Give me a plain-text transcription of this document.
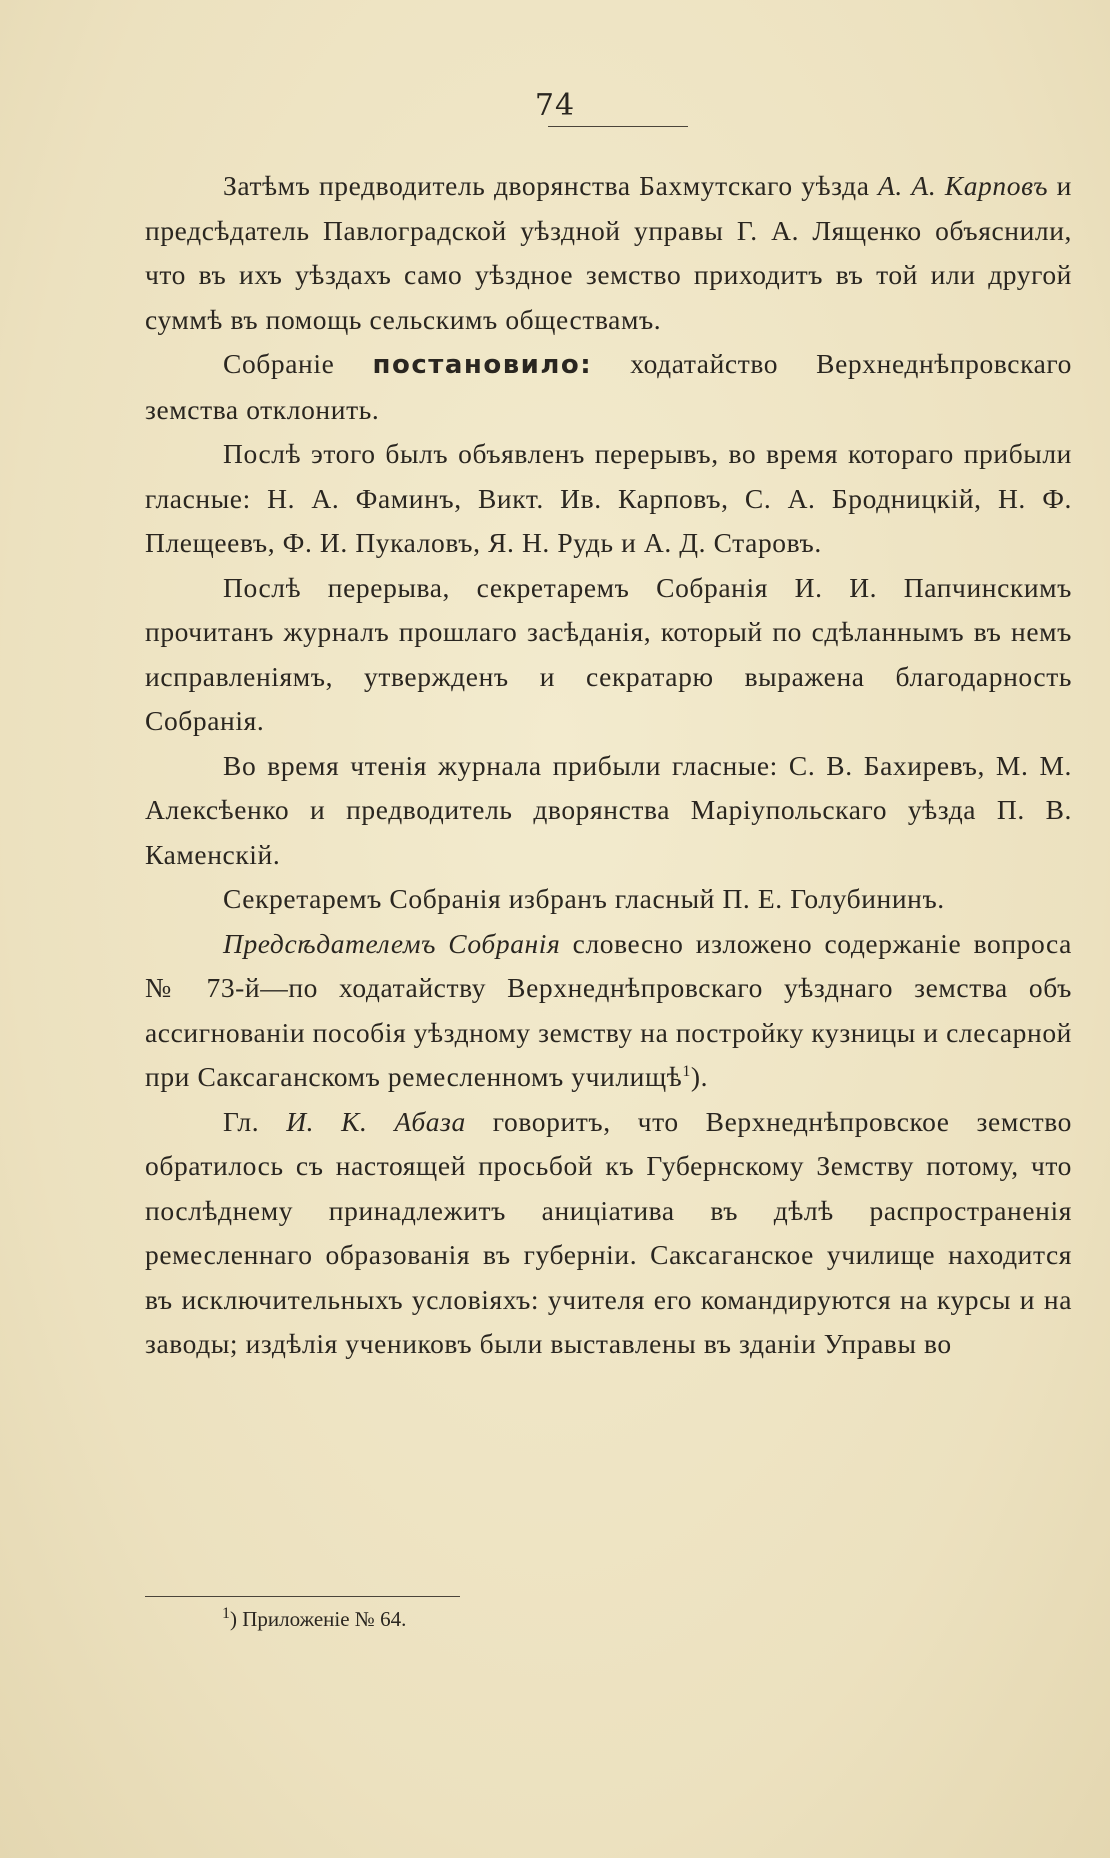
74

Затѣмъ предводитель дворянства Бахмутскаго уѣзда А. А. Карповъ и предсѣдатель Павлоградской уѣздной управы Г. А. Лященко объяснили, что въ ихъ уѣздахъ само уѣздное земство приходитъ въ той или другой суммѣ въ помощь сельскимъ обществамъ.

Собраніе постановило: ходатайство Верхнеднѣпровскаго земства отклонить.

Послѣ этого былъ объявленъ перерывъ, во время котораго прибыли гласные: Н. А. Фаминъ, Викт. Ив. Карповъ, С. А. Бродницкій, Н. Ф. Плещеевъ, Ф. И. Пукаловъ, Я. Н. Рудь и А. Д. Старовъ.

Послѣ перерыва, секретаремъ Собранія И. И. Папчинскимъ прочитанъ журналъ прошлаго засѣданія, который по сдѣланнымъ въ немъ исправленіямъ, утвержденъ и секратарю выражена благодарность Собранія.

Во время чтенія журнала прибыли гласные: С. В. Бахиревъ, М. М. Алексѣенко и предводитель дворянства Маріупольскаго уѣзда П. В. Каменскій.

Секретаремъ Собранія избранъ гласный П. Е. Голубининъ.

Предсѣдателемъ Собранія словесно изложено содержаніе вопроса № 73-й—по ходатайству Верхнеднѣпровскаго уѣзднаго земства объ ассигнованіи пособія уѣздному земству на постройку кузницы и слесарной при Саксаганскомъ ремесленномъ училищѣ$^1$).

Гл. И. К. Абаза говоритъ, что Верхнеднѣпровское земство обратилось съ настоящей просьбой къ Губернскому Земству потому, что послѣднему принадлежитъ аниціатива въ дѣлѣ распространенія ремесленнаго образованія въ губерніи. Саксаганское училище находится въ исключительныхъ условіяхъ: учителя его командируются на курсы и на заводы; издѣлія учениковъ были выставлены въ зданіи Управы во

$^1$) Приложеніе № 64.
